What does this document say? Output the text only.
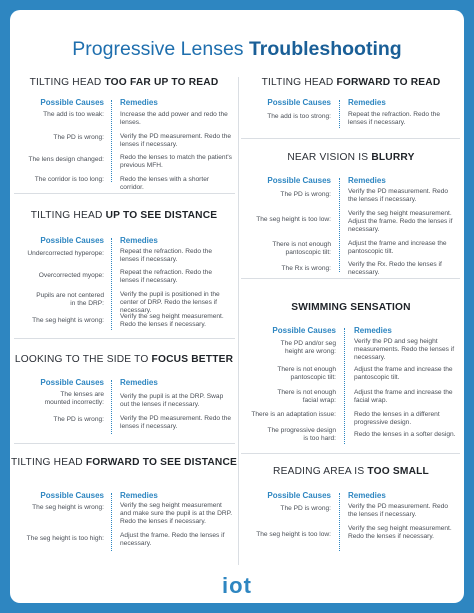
Progressive Lenses Troubleshooting
TILTING HEAD TOO FAR UP TO READ
Possible Causes Remedies
The add is too weak: Increase the add power and redo the lenses.
The PD is wrong: Verify the PD measurement. Redo the lenses if necessary.
The lens design changed: Redo the lenses to match the patient's previous MFH.
The corridor is too long: Redo the lenses with a shorter corridor.
TILTING HEAD UP TO SEE DISTANCE
Possible Causes Remedies
Undercorrected hyperope: Repeat the refraction. Redo the lenses if necessary.
Overcorrected myope: Repeat the refraction. Redo the lenses if necessary.
Pupils are not centered in the DRP:
Verify the pupil is positioned in the center of DRP. Redo the lenses if necessary.
The seg height is wrong:
Verify the seg height measurement. Redo the lenses if necessary.
LOOKING TO THE SIDE TO FOCUS BETTER
Possible Causes Remedies
The lenses are mounted incorrectly:
Verify the pupil is at the DRP. Swap out the lenses if necessary.
The PD is wrong: Verify the PD measurement. Redo the lenses if necessary.
TILTING HEAD FORWARD TO SEE DISTANCE
Possible Causes Remedies
The seg height is wrong: Verify the seg height measurement and make sure the pupil is at the DRP. Redo the lenses if necessary.
The seg height is too high: Adjust the frame. Redo the lenses if necessary.
TILTING HEAD FORWARD TO READ
Possible Causes Remedies
The add is too strong:	Repeat the refraction. Redo the lenses if necessary.
NEAR VISION IS BLURRY
Possible Causes Remedies
The PD is wrong:	Verify the PD measurement. Redo the lenses if necessary.
The seg height is too low:
Verify the seg height measurement. Adjust the frame. Redo the lenses if necessary.
There is not enough pantoscopic tilt:
Adjust the frame and increase the pantoscopic tilt.
The Rx is wrong:
Verify the Rx. Redo the lenses if necessary.
SWIMMING SENSATION
Possible Causes Remedies
The PD and/or seg height are wrong:
Verify the PD and seg height measurements. Redo the lenses if necessary.
There is not enough pantoscopic tilt:
Adjust the frame and increase the pantoscopic tilt.
There is not enough facial wrap:
Adjust the frame and increase the facial wrap.
There is an adaptation issue:	Redo the lenses in a different progressive design.
The progressive design is too hard:
Redo the lenses in a softer design.
READING AREA IS TOO SMALL
Possible Causes Remedies
The PD is wrong:	Verify the PD measurement. Redo the lenses if necessary.
The seg height is too low:
Verify the seg height measurement. Redo the lenses if necessary.
iot
